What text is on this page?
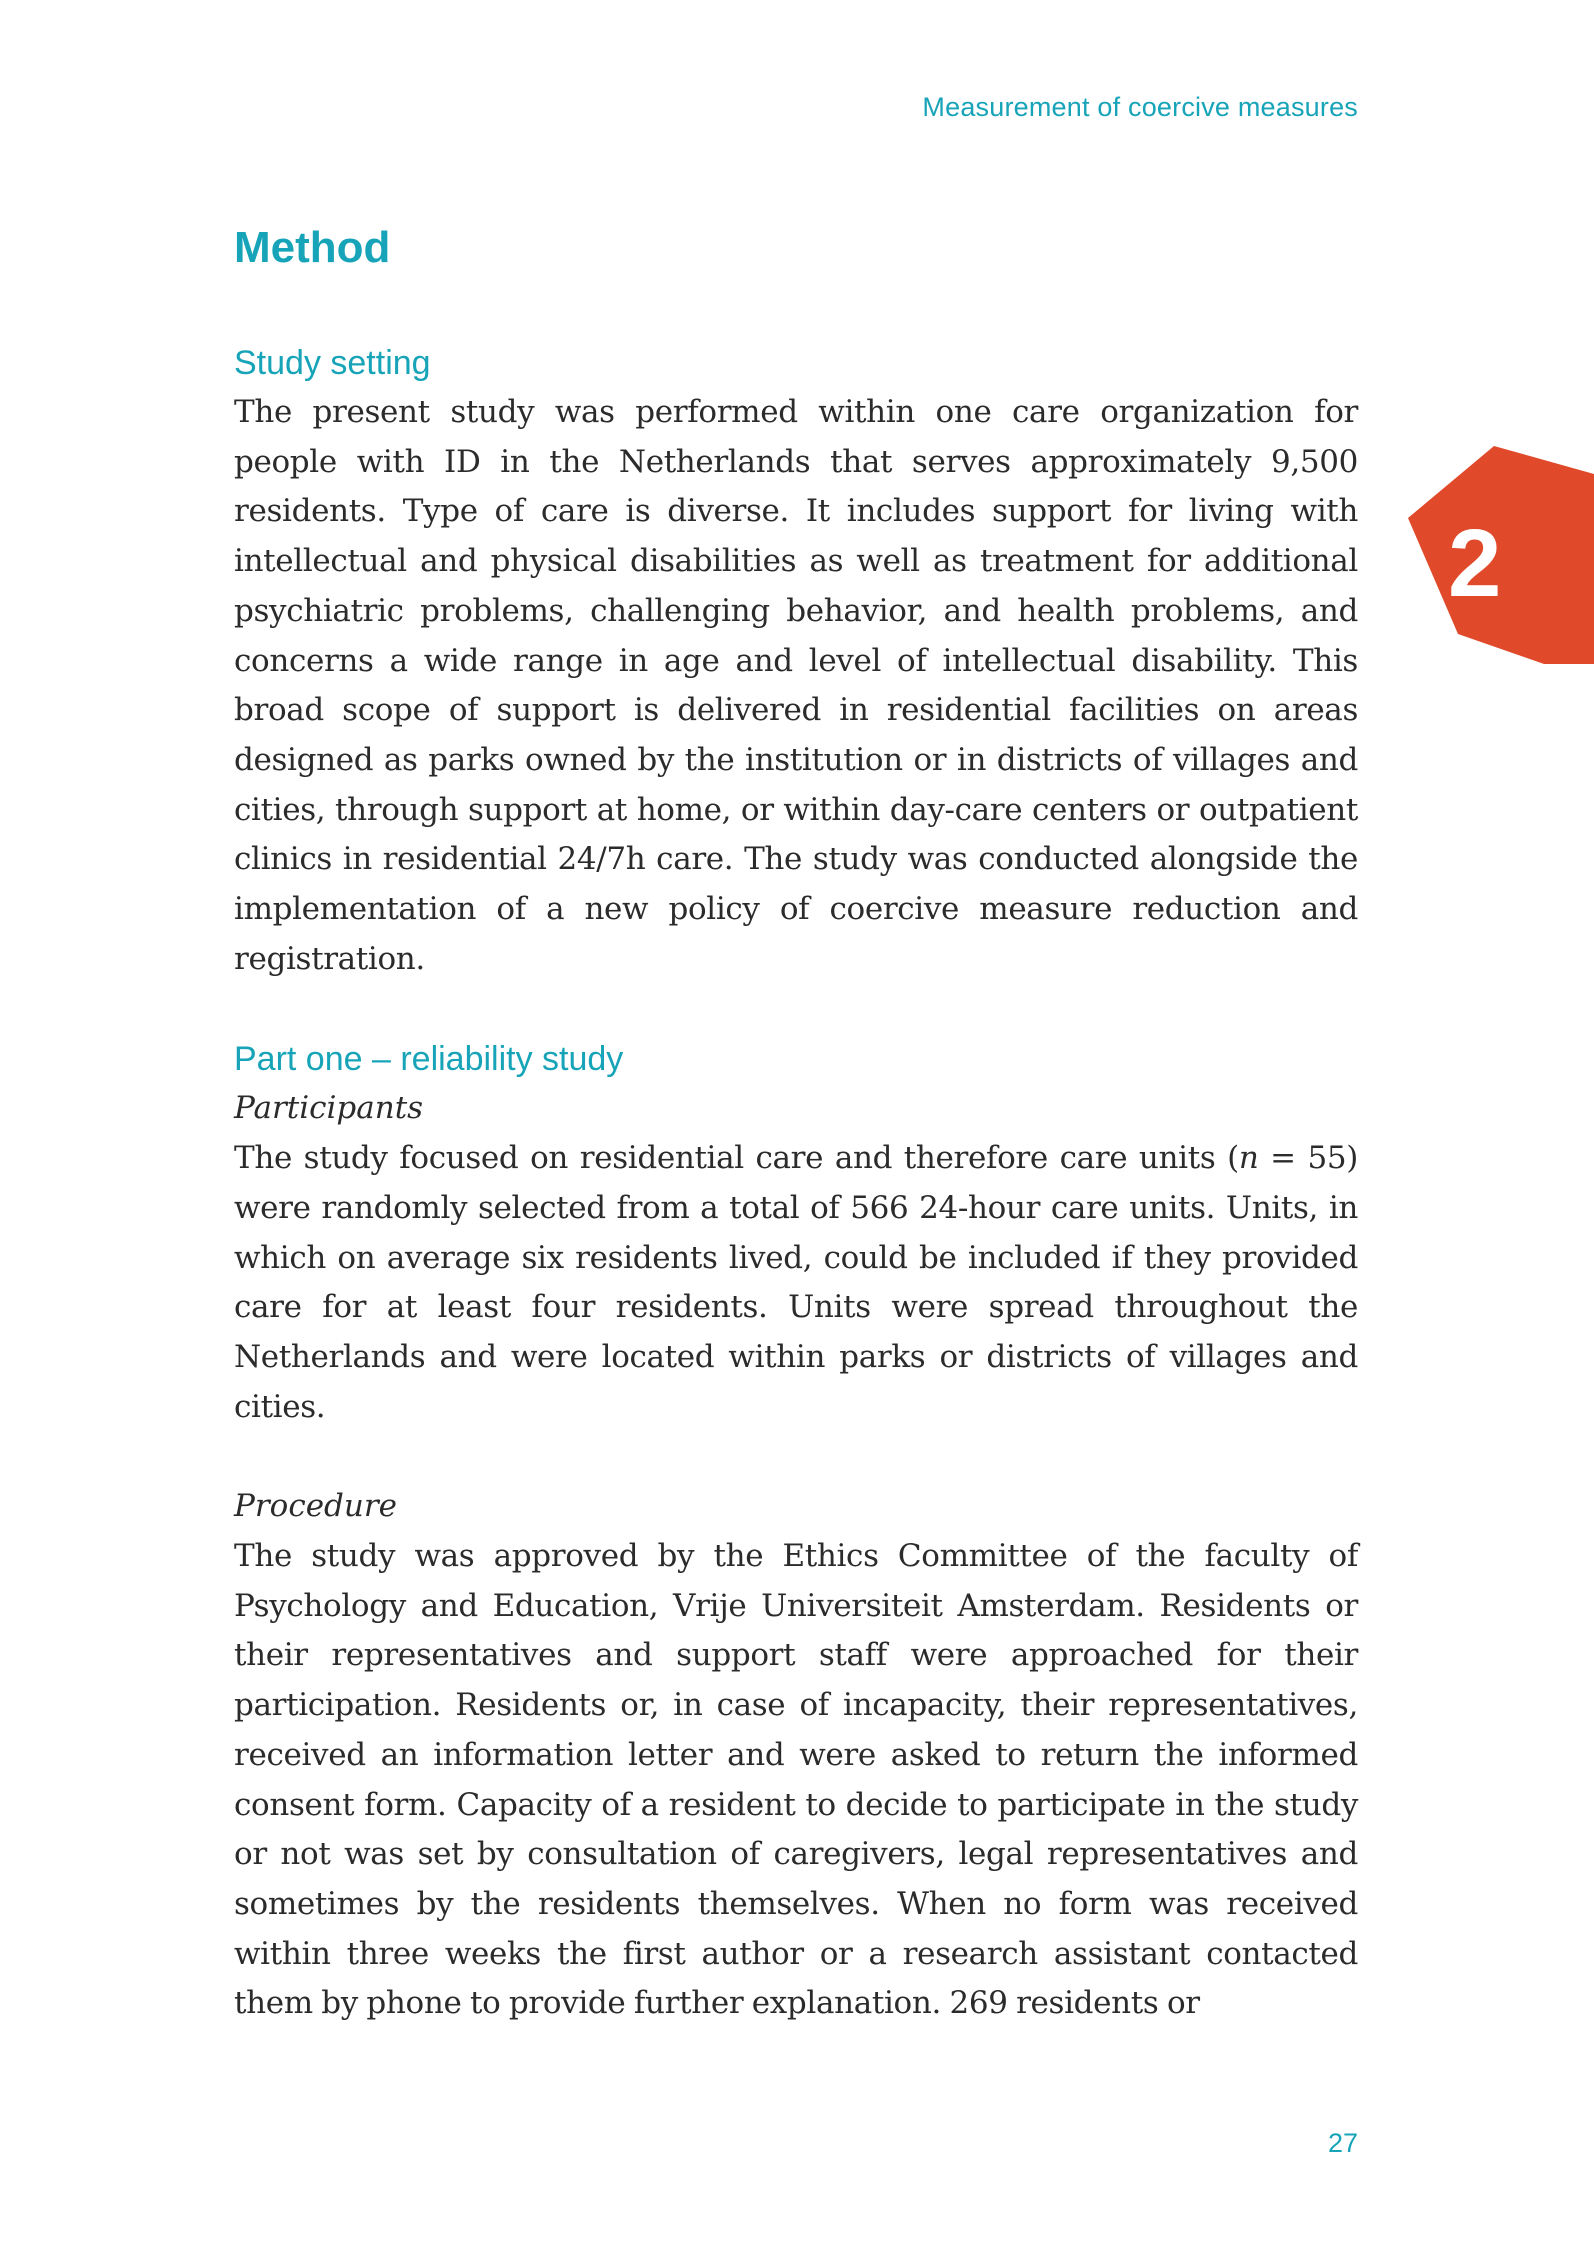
Measurement of coercive measures
2
Method
Study setting

The present study was performed within one care organization for people with ID in the Netherlands that serves approximately 9,500 residents. Type of care is diverse. It includes support for living with intellectual and physical disabilities as well as treatment for additional psychiatric problems, challenging behavior, and health problems, and concerns a wide range in age and level of intellectual disability. This broad scope of support is delivered in residential facilities on areas designed as parks owned by the institution or in districts of villages and cities, through support at home, or within day-care centers or outpatient clinics in residential 24/7h care. The study was conducted alongside the implementation of a new policy of coercive measure reduction and registration.

Part one – reliability study
Participants

The study focused on residential care and therefore care units (n = 55) were randomly selected from a total of 566 24-hour care units. Units, in which on average six residents lived, could be included if they provided care for at least four residents. Units were spread throughout the Netherlands and were located within parks or districts of villages and cities.

Procedure

The study was approved by the Ethics Committee of the faculty of Psychology and Education, Vrije Universiteit Amsterdam. Residents or their representatives and support staff were approached for their participation. Residents or, in case of incapacity, their representatives, received an information letter and were asked to return the informed consent form. Capacity of a resident to decide to participate in the study or not was set by consultation of caregivers, legal representatives and sometimes by the residents themselves. When no form was received within three weeks the first author or a research assistant contacted them by phone to provide further explanation. 269 residents or

27
